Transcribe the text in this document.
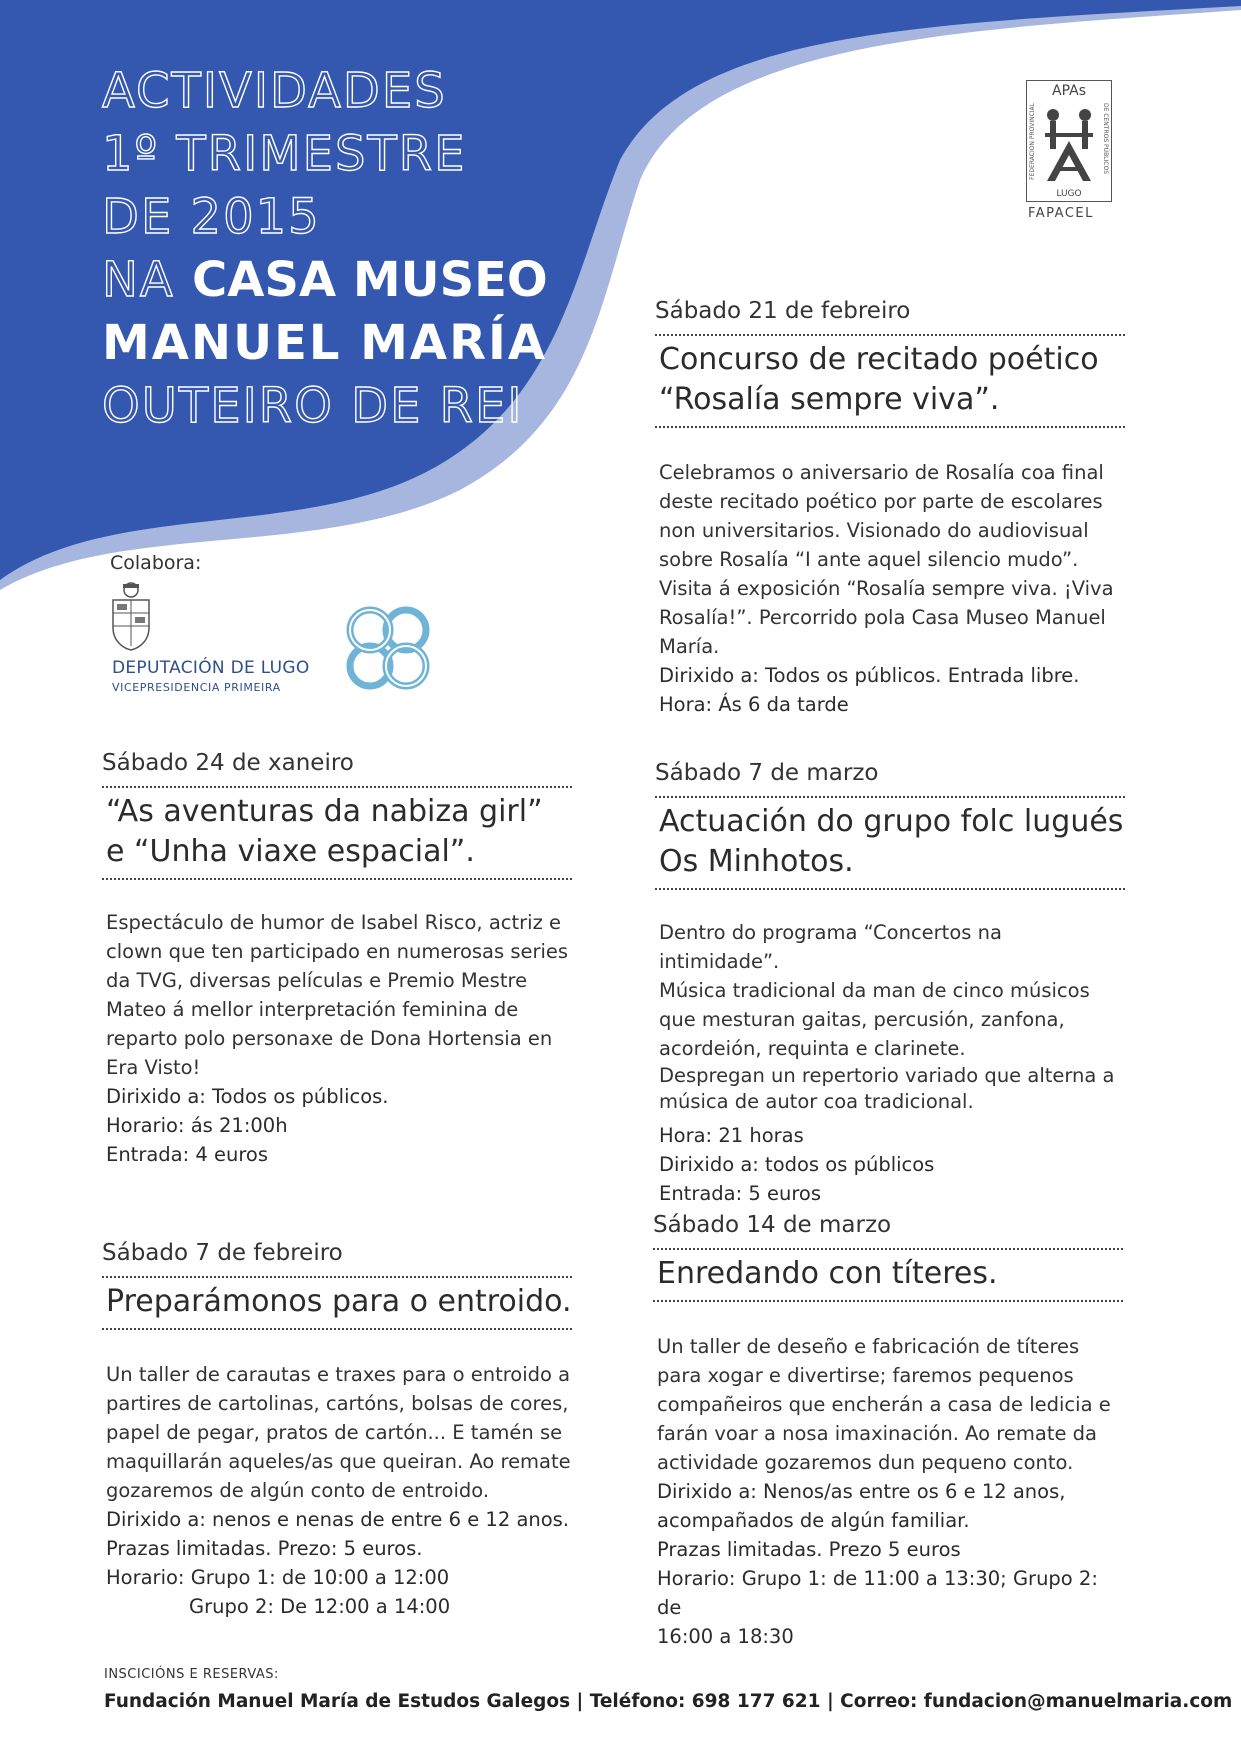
ACTIVIDADES
1º TRIMESTRE
DE 2015
NA CASA MUSEO
MANUEL MARÍA
OUTEIRO DE REI
APAs
FEDERACIÓN PROVINCIAL	DE CENTROS PÚBLICOS
LUGO
FAPACEL
Colabora:
DEPUTACIÓN DE LUGO
VICEPRESIDENCIA PRIMEIRA
Sábado 24 de xaneiro
“As aventuras da nabiza girl”
e “Unha viaxe espacial”.
Espectáculo de humor de Isabel Risco, actriz e
clown que ten participado en numerosas series
da TVG, diversas películas e Premio Mestre
Mateo á mellor interpretación feminina de
reparto polo personaxe de Dona Hortensia en
Era Visto!
Dirixido a: Todos os públicos.
Horario: ás 21:00h
Entrada: 4 euros
Sábado 7 de febreiro
Preparámonos para o entroido.
Un taller de carautas e traxes para o entroido a
partires de cartolinas, cartóns, bolsas de cores,
papel de pegar, pratos de cartón... E tamén se
maquillarán aqueles/as que queiran. Ao remate
gozaremos de algún conto de entroido.
Dirixido a: nenos e nenas de entre 6 e 12 anos.
Prazas limitadas. Prezo: 5 euros.
Horario: Grupo 1: de 10:00 a 12:00
Grupo 2: De 12:00 a 14:00
Sábado 21 de febreiro
Concurso de recitado poético
“Rosalía sempre viva”.
Celebramos o aniversario de Rosalía coa final
deste recitado poético por parte de escolares
non universitarios. Visionado do audiovisual
sobre Rosalía “I ante aquel silencio mudo”.
Visita á exposición “Rosalía sempre viva. ¡Viva
Rosalía!”. Percorrido pola Casa Museo Manuel
María.
Dirixido a: Todos os públicos. Entrada libre.
Hora: Ás 6 da tarde
Sábado 7 de marzo
Actuación do grupo folc lugués
Os Minhotos.
Dentro do programa “Concertos na intimidade”.
Música tradicional da man de cinco músicos
que mesturan gaitas, percusión, zanfona,
acordeión, requinta e clarinete.
Despregan un repertorio variado que alterna a
música de autor coa tradicional.
Hora: 21 horas
Dirixido a: todos os públicos
Entrada: 5 euros
Sábado 14 de marzo
Enredando con títeres.
Un taller de deseño e fabricación de títeres
para xogar e divertirse; faremos pequenos
compañeiros que encherán a casa de ledicia e
farán voar a nosa imaxinación. Ao remate da
actividade gozaremos dun pequeno conto.
Dirixido a: Nenos/as entre os 6 e 12 anos,
acompañados de algún familiar.
Prazas limitadas. Prezo 5 euros
Horario: Grupo 1: de 11:00 a 13:30; Grupo 2: de
16:00 a 18:30
INSCICIÓNS E RESERVAS:
Fundación Manuel María de Estudos Galegos | Teléfono: 698 177 621 | Correo: fundacion@manuelmaria.com
